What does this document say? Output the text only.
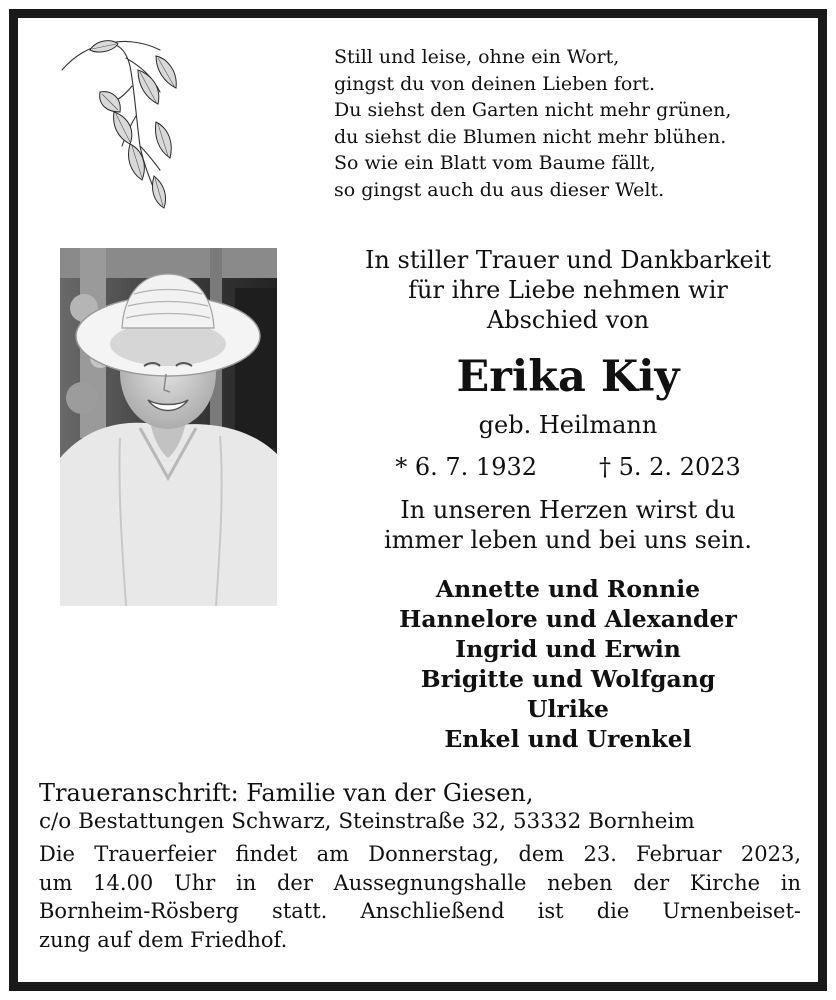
Still und leise, ohne ein Wort,
gingst du von deinen Lieben fort.
Du siehst den Garten nicht mehr grünen,
du siehst die Blumen nicht mehr blühen.
So wie ein Blatt vom Baume fällt,
so gingst auch du aus dieser Welt.
In stiller Trauer und Dankbarkeit
für ihre Liebe nehmen wir
Abschied von
Erika Kiy
geb. Heilmann
* 6. 7. 1932	† 5. 2. 2023
In unseren Herzen wirst du
immer leben und bei uns sein.
Annette und Ronnie
Hannelore und Alexander
Ingrid und Erwin
Brigitte und Wolfgang
Ulrike
Enkel und Urenkel
Traueranschrift: Familie van der Giesen,
c/o Bestattungen Schwarz, Steinstraße 32, 53332 Bornheim
Die Trauerfeier findet am Donnerstag, dem 23. Februar 2023,
um 14.00 Uhr in der Aussegnungshalle neben der Kirche in
Bornheim-Rösberg statt. Anschließend ist die Urnenbeiset-
zung auf dem Friedhof.
